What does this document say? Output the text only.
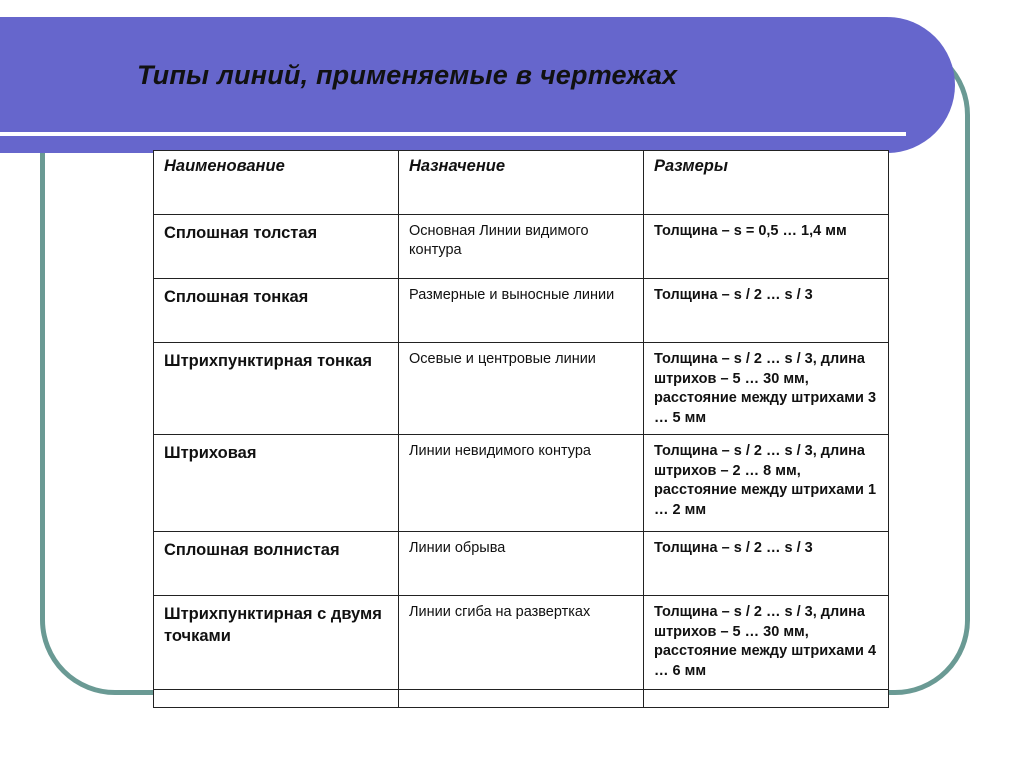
Типы линий, применяемые в чертежах
Наименование	Назначение	Размеры
Сплошная толстая	Основная Линии видимого контура	Толщина – s = 0,5 … 1,4 мм
Сплошная тонкая	Размерные и выносные линии	Толщина – s / 2 … s / 3
Штрихпунктирная тонкая	Осевые и центровые линии	Толщина – s / 2 … s / 3, длина штрихов – 5 … 30 мм, расстояние между штрихами 3 … 5 мм
Штриховая	Линии невидимого контура	Толщина – s / 2 … s / 3, длина штрихов – 2 … 8 мм, расстояние между штрихами 1 … 2 мм
Сплошная волнистая	Линии обрыва	Толщина – s / 2 … s / 3
Штрихпунктирная с двумя точками	Линии сгиба на развертках	Толщина – s / 2 … s / 3, длина штрихов – 5 … 30 мм, расстояние между штрихами 4 … 6 мм
